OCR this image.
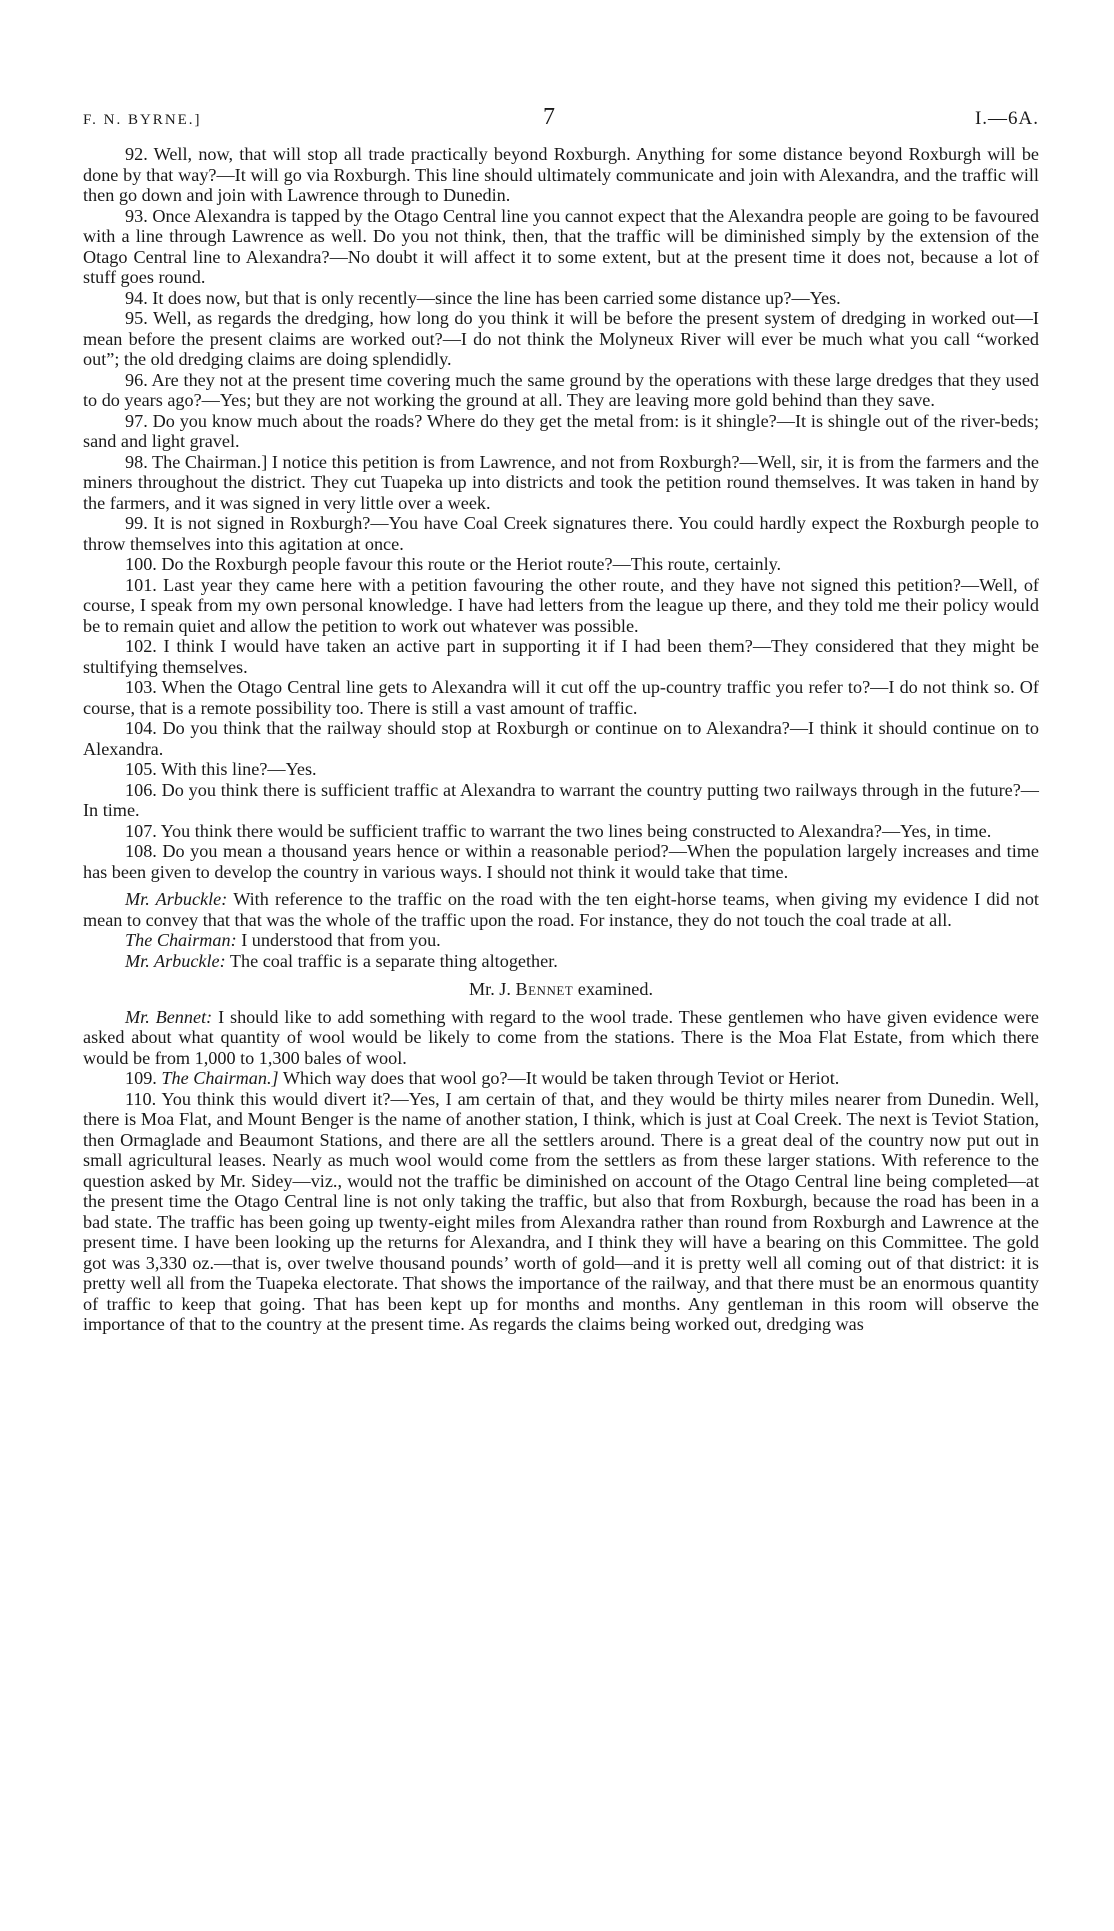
F. N. BYRNE.]	7	I.—6A.

92. Well, now, that will stop all trade practically beyond Roxburgh. Anything for some distance beyond Roxburgh will be done by that way?—It will go via Roxburgh. This line should ultimately communicate and join with Alexandra, and the traffic will then go down and join with Lawrence through to Dunedin.

93. Once Alexandra is tapped by the Otago Central line you cannot expect that the Alexandra people are going to be favoured with a line through Lawrence as well. Do you not think, then, that the traffic will be diminished simply by the extension of the Otago Central line to Alexandra?—No doubt it will affect it to some extent, but at the present time it does not, because a lot of stuff goes round.

94. It does now, but that is only recently—since the line has been carried some distance up?—Yes.

95. Well, as regards the dredging, how long do you think it will be before the present system of dredging in worked out—I mean before the present claims are worked out?—I do not think the Molyneux River will ever be much what you call “worked out”; the old dredging claims are doing splendidly.

96. Are they not at the present time covering much the same ground by the operations with these large dredges that they used to do years ago?—Yes; but they are not working the ground at all. They are leaving more gold behind than they save.

97. Do you know much about the roads? Where do they get the metal from: is it shingle?—It is shingle out of the river-beds; sand and light gravel.

98. The Chairman.] I notice this petition is from Lawrence, and not from Roxburgh?—Well, sir, it is from the farmers and the miners throughout the district. They cut Tuapeka up into districts and took the petition round themselves. It was taken in hand by the farmers, and it was signed in very little over a week.

99. It is not signed in Roxburgh?—You have Coal Creek signatures there. You could hardly expect the Roxburgh people to throw themselves into this agitation at once.

100. Do the Roxburgh people favour this route or the Heriot route?—This route, certainly.

101. Last year they came here with a petition favouring the other route, and they have not signed this petition?—Well, of course, I speak from my own personal knowledge. I have had letters from the league up there, and they told me their policy would be to remain quiet and allow the petition to work out whatever was possible.

102. I think I would have taken an active part in supporting it if I had been them?—They considered that they might be stultifying themselves.

103. When the Otago Central line gets to Alexandra will it cut off the up-country traffic you refer to?—I do not think so. Of course, that is a remote possibility too. There is still a vast amount of traffic.

104. Do you think that the railway should stop at Roxburgh or continue on to Alexandra?—I think it should continue on to Alexandra.

105. With this line?—Yes.

106. Do you think there is sufficient traffic at Alexandra to warrant the country putting two railways through in the future?—In time.

107. You think there would be sufficient traffic to warrant the two lines being constructed to Alexandra?—Yes, in time.

108. Do you mean a thousand years hence or within a reasonable period?—When the population largely increases and time has been given to develop the country in various ways. I should not think it would take that time.

Mr. Arbuckle: With reference to the traffic on the road with the ten eight-horse teams, when giving my evidence I did not mean to convey that that was the whole of the traffic upon the road. For instance, they do not touch the coal trade at all.

The Chairman: I understood that from you.

Mr. Arbuckle: The coal traffic is a separate thing altogether.

Mr. J. Bennet examined.

Mr. Bennet: I should like to add something with regard to the wool trade. These gentlemen who have given evidence were asked about what quantity of wool would be likely to come from the stations. There is the Moa Flat Estate, from which there would be from 1,000 to 1,300 bales of wool.

109. The Chairman.] Which way does that wool go?—It would be taken through Teviot or Heriot.

110. You think this would divert it?—Yes, I am certain of that, and they would be thirty miles nearer from Dunedin. Well, there is Moa Flat, and Mount Benger is the name of another station, I think, which is just at Coal Creek. The next is Teviot Station, then Ormaglade and Beaumont Stations, and there are all the settlers around. There is a great deal of the country now put out in small agricultural leases. Nearly as much wool would come from the settlers as from these larger stations. With reference to the question asked by Mr. Sidey—viz., would not the traffic be diminished on account of the Otago Central line being completed—at the present time the Otago Central line is not only taking the traffic, but also that from Roxburgh, because the road has been in a bad state. The traffic has been going up twenty-eight miles from Alexandra rather than round from Roxburgh and Lawrence at the present time. I have been looking up the returns for Alexandra, and I think they will have a bearing on this Committee. The gold got was 3,330 oz.—that is, over twelve thousand pounds’ worth of gold—and it is pretty well all coming out of that district: it is pretty well all from the Tuapeka electorate. That shows the importance of the railway, and that there must be an enormous quantity of traffic to keep that going. That has been kept up for months and months. Any gentleman in this room will observe the importance of that to the country at the present time. As regards the claims being worked out, dredging was
